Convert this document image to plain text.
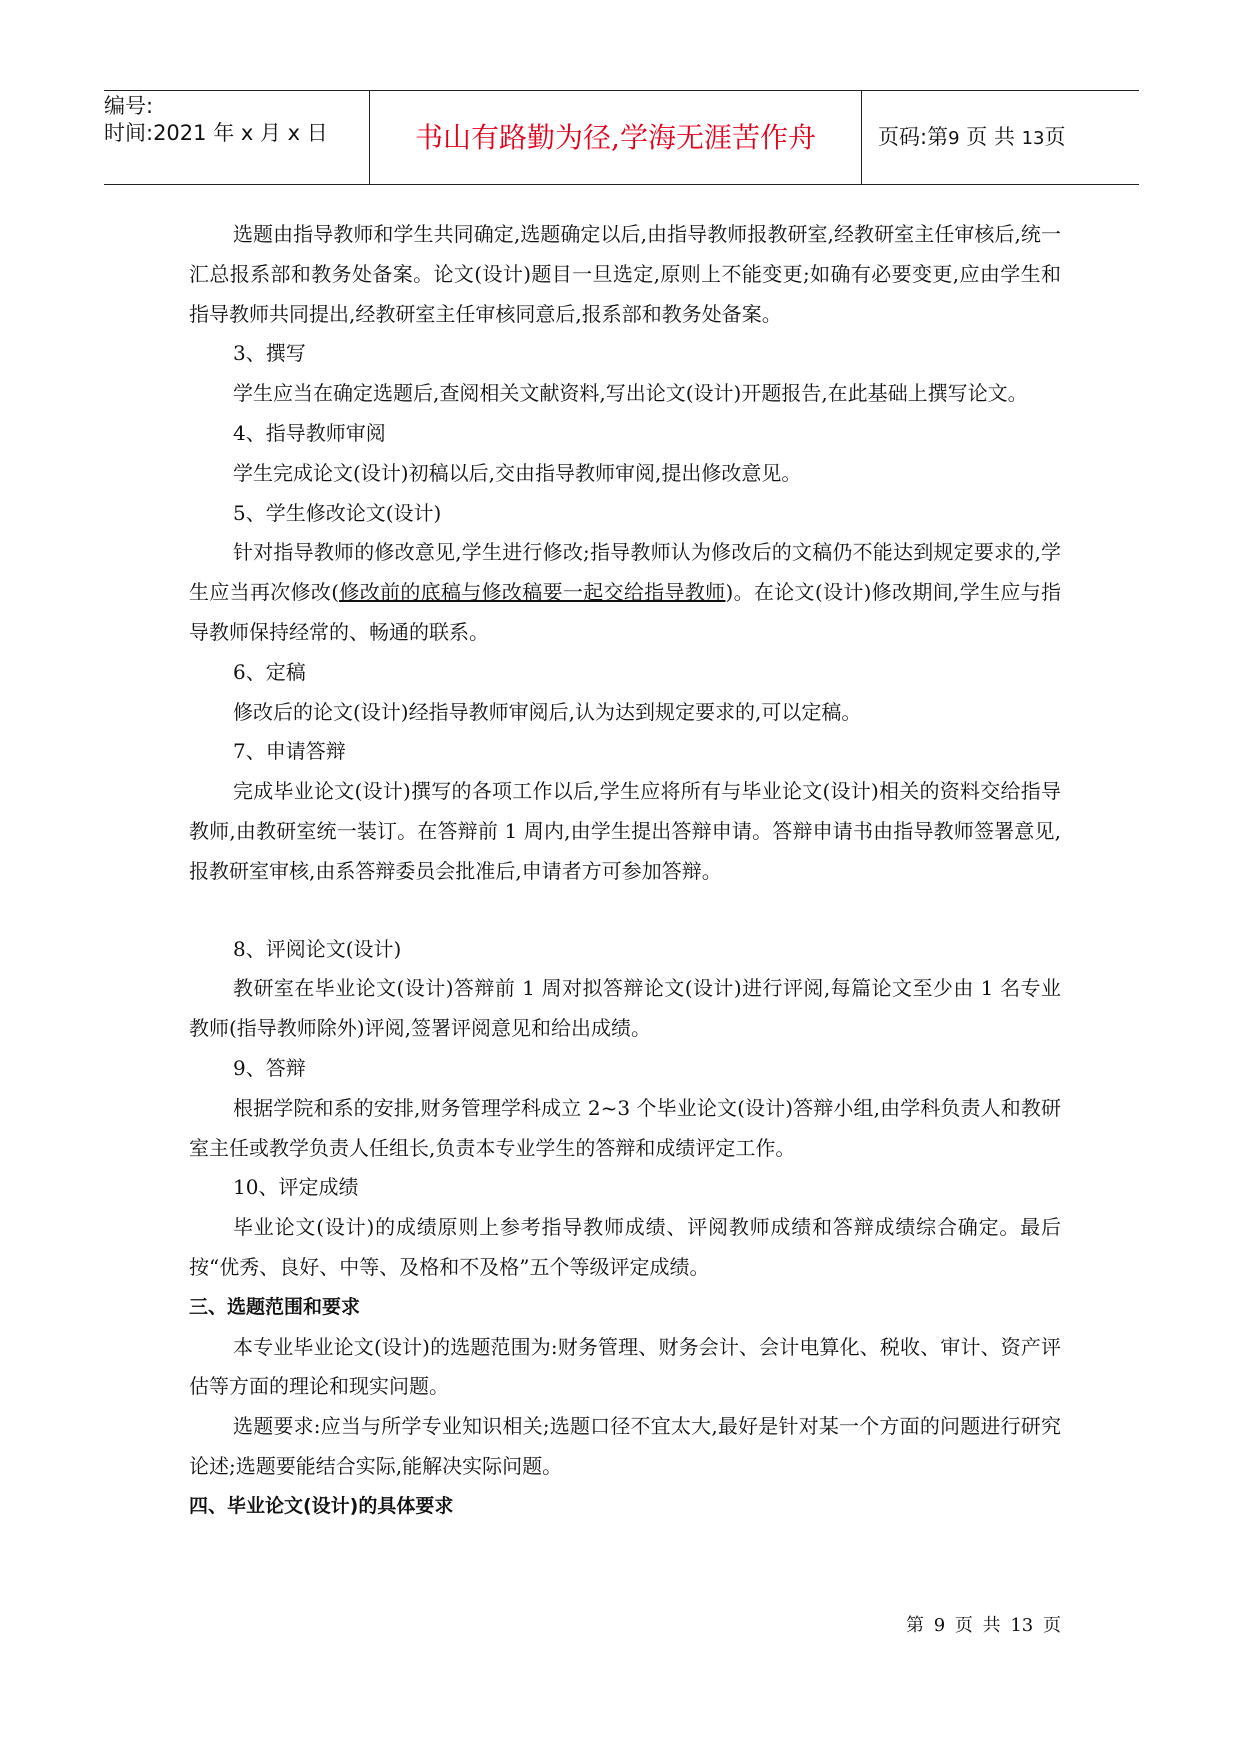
编号:
时间:2021 年 x 月 x 日	书山有路勤为径,学海无涯苦作舟	页码:第9 页 共 13页

选题由指导教师和学生共同确定,选题确定以后,由指导教师报教研室,经教研室主任审核后,统一汇总报系部和教务处备案。论文(设计)题目一旦选定,原则上不能变更;如确有必要变更,应由学生和指导教师共同提出,经教研室主任审核同意后,报系部和教务处备案。

3、撰写

学生应当在确定选题后,查阅相关文献资料,写出论文(设计)开题报告,在此基础上撰写论文。

4、指导教师审阅

学生完成论文(设计)初稿以后,交由指导教师审阅,提出修改意见。

5、学生修改论文(设计)

针对指导教师的修改意见,学生进行修改;指导教师认为修改后的文稿仍不能达到规定要求的,学生应当再次修改(修改前的底稿与修改稿要一起交给指导教师)。在论文(设计)修改期间,学生应与指导教师保持经常的、畅通的联系。

6、定稿

修改后的论文(设计)经指导教师审阅后,认为达到规定要求的,可以定稿。

7、申请答辩

完成毕业论文(设计)撰写的各项工作以后,学生应将所有与毕业论文(设计)相关的资料交给指导教师,由教研室统一装订。在答辩前 1 周内,由学生提出答辩申请。答辩申请书由指导教师签署意见,报教研室审核,由系答辩委员会批准后,申请者方可参加答辩。

8、评阅论文(设计)

教研室在毕业论文(设计)答辩前 1 周对拟答辩论文(设计)进行评阅,每篇论文至少由 1 名专业教师(指导教师除外)评阅,签署评阅意见和给出成绩。

9、答辩

根据学院和系的安排,财务管理学科成立 2~3 个毕业论文(设计)答辩小组,由学科负责人和教研室主任或教学负责人任组长,负责本专业学生的答辩和成绩评定工作。

10、评定成绩

毕业论文(设计)的成绩原则上参考指导教师成绩、评阅教师成绩和答辩成绩综合确定。最后按“优秀、良好、中等、及格和不及格”五个等级评定成绩。

三、选题范围和要求

本专业毕业论文(设计)的选题范围为:财务管理、财务会计、会计电算化、税收、审计、资产评估等方面的理论和现实问题。

选题要求:应当与所学专业知识相关;选题口径不宜太大,最好是针对某一个方面的问题进行研究论述;选题要能结合实际,能解决实际问题。

四、毕业论文(设计)的具体要求

第 9 页 共 13 页
